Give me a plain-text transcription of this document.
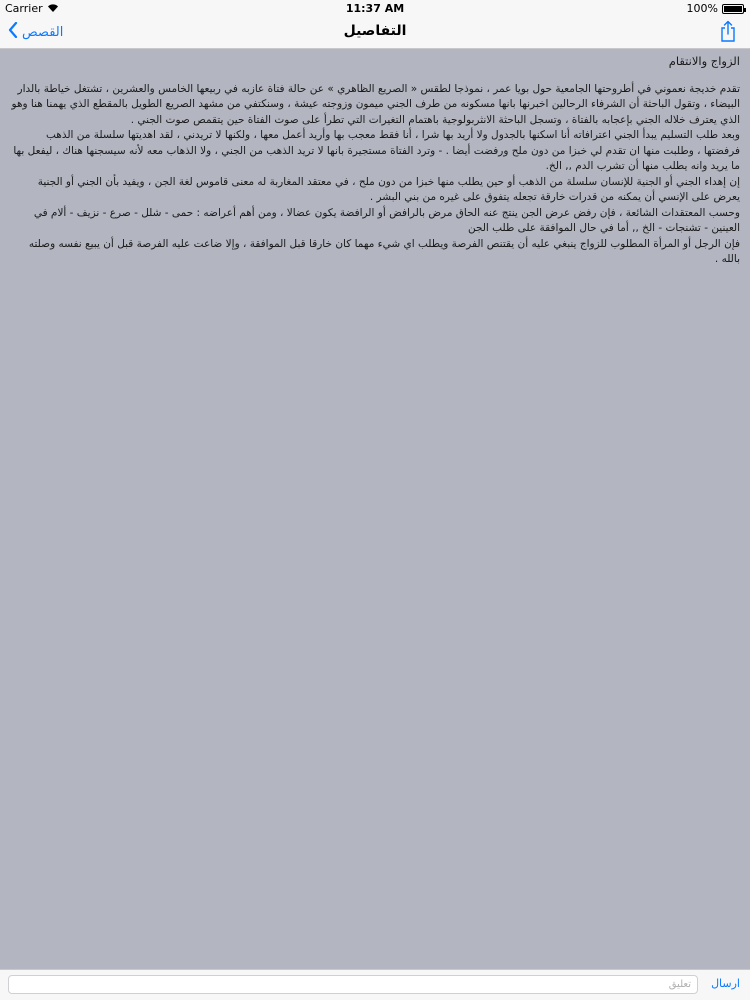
Carrier	11:37 AM	100%
القصص	التفاصيل
الزواج والانتقام

تقدم خديجة نعموني في أطروحتها الجامعية حول بويا عمر ، نموذجا لطقس « الصريع الظاهري » عن حالة فتاة عازبه في ربيعها الخامس والعشرين ، تشتغل خياطة بالدار البيضاء ، وتقول الباحثة أن الشرفاء الرحالين اخبرنها بانها مسكونه من طرف الجني ميمون وزوجته عيشة ، وسنكتفي من مشهد الصريع الطويل بالمقطع الذي يهمنا هنا وهو الذي يعترف خلاله الجني بإعجابه بالفتاة ، وتسجل الباحثة الانثربولوجية باهتمام التغيرات التي تطرأ على صوت الفتاة حين يتقمص صوت الجني .

وبعد طلب التسليم يبدأ الجني اعترافاته أنا اسكنها بالجدول ولا أريد بها شرا ، أنا فقط معجب بها وأريد أعمل معها ، ولكنها لا تريدني ، لقد اهديتها سلسلة من الذهب فرفضتها ، وطلبت منها ان تقدم لي خبزا من دون ملح ورفضت أيضا . - وترد الفتاة مستجيرة بانها لا تريد الذهب من الجني ، ولا الذهاب معه لأنه سيسجنها هناك ، ليفعل بها ما يريد وانه يطلب منها أن تشرب الدم ,, الخ.

إن إهداء الجني أو الجنية للإنسان سلسلة من الذهب أو حين يطلب منها خبزا من دون ملح ، في معتقد المغاربة له معنى قاموس لغة الجن ، ويفيد بأن الجني أو الجنية يعرض على الإنسي أن يمكنه من قدرات خارقة تجعله يتفوق على غيره من بني البشر .

وحسب المعتقدات الشائعة ، فإن رفض عرض الجن ينتج عنه الحاق مرض بالرافض أو الرافضة يكون عضالا ، ومن أهم أعراضه : حمى - شلل - صرع - نزيف - ألام في العينين - تشنجات - الخ ,, أما في حال الموافقة على طلب الجن

فإن الرجل أو المرأة المطلوب للزواج ينبغي عليه أن يقتنص الفرصة ويطلب اي شيء مهما كان خارقا قبل الموافقة ، وإلا ضاعت عليه الفرصة قبل أن يبيع نفسه وصلته بالله .

تعليق
ارسال
